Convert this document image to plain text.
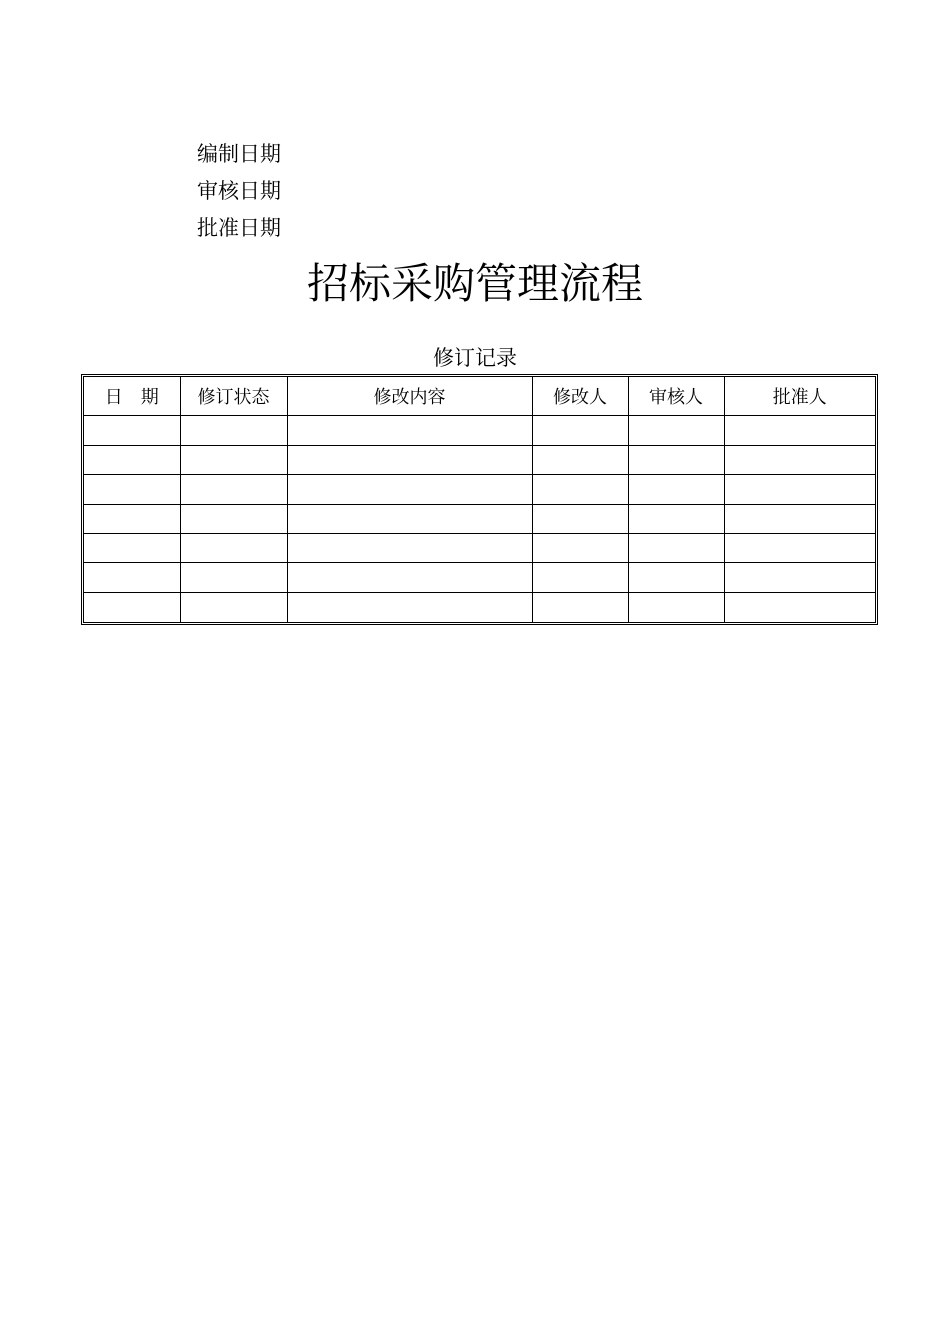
编制日期
审核日期
批准日期
招标采购管理流程
修订记录
日　期	修订状态	修改内容	修改人	审核人	批准人
